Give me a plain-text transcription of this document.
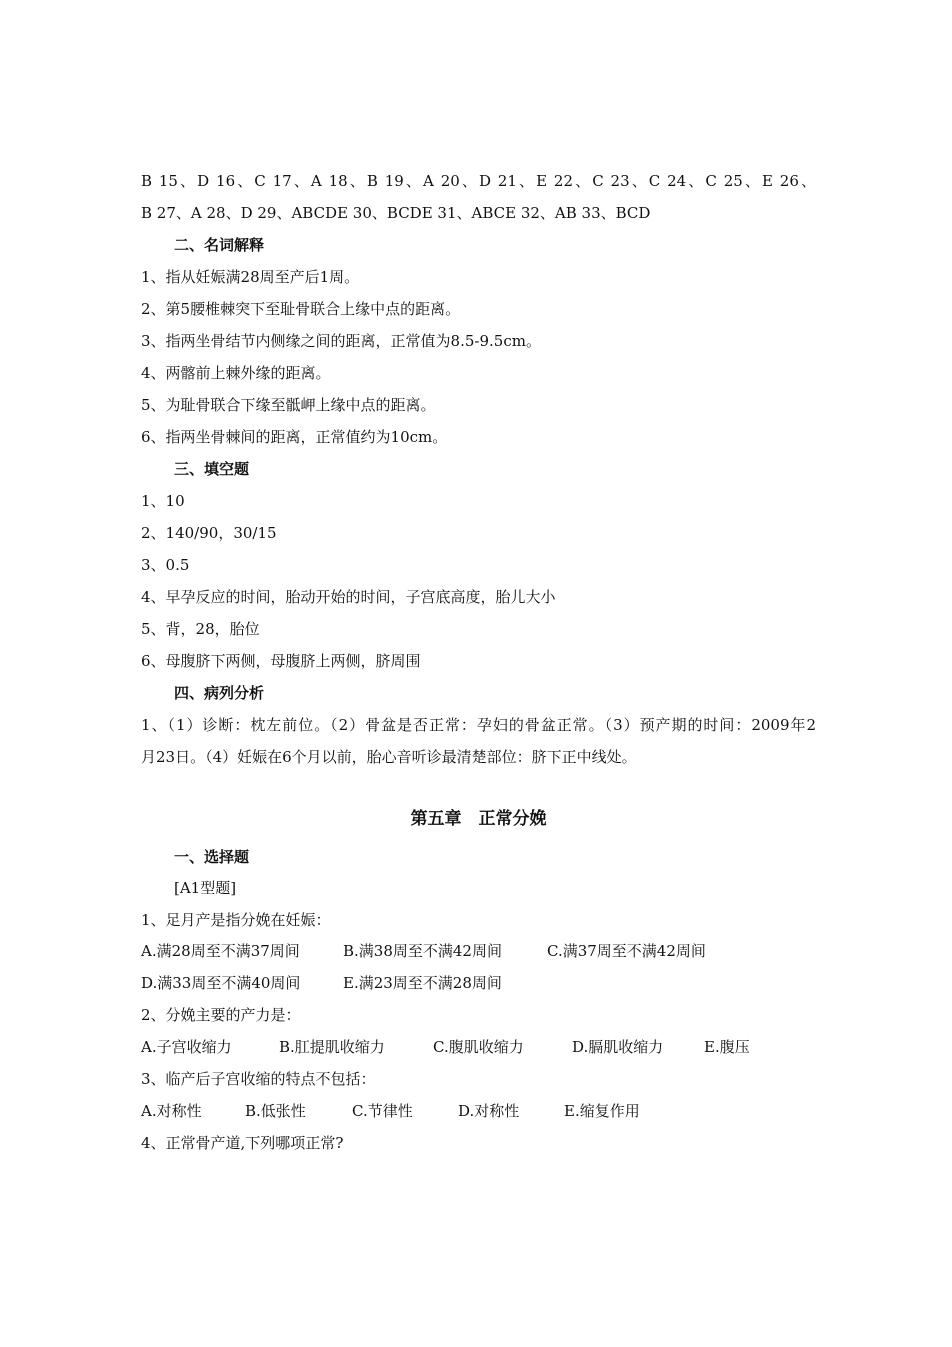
B 15、D 16、C 17、A 18、B 19、A 20、D 21、E 22、C 23、C 24、C 25、E 26、
B 27、A 28、D 29、ABCDE 30、BCDE 31、ABCE 32、AB 33、BCD
二、名词解释
1、指从妊娠满28周至产后1周。
2、第5腰椎棘突下至耻骨联合上缘中点的距离。
3、指两坐骨结节内侧缘之间的距离，正常值为8.5-9.5cm。
4、两髂前上棘外缘的距离。
5、为耻骨联合下缘至骶岬上缘中点的距离。
6、指两坐骨棘间的距离，正常值约为10cm。
三、填空题
1、10
2、140/90，30/15
3、0.5
4、早孕反应的时间，胎动开始的时间，子宫底高度，胎儿大小
5、背，28，胎位
6、母腹脐下两侧，母腹脐上两侧，脐周围
四、病列分析
1、（1）诊断：枕左前位。（2）骨盆是否正常：孕妇的骨盆正常。（3）预产期的时间：2009年2
月23日。（4）妊娠在6个月以前，胎心音听诊最清楚部位：脐下正中线处。
第五章　正常分娩
一、选择题
[A1型题]
1、足月产是指分娩在妊娠：
A.满28周至不满37周间	B.满38周至不满42周间	C.满37周至不满42周间
D.满33周至不满40周间	E.满23周至不满28周间
2、分娩主要的产力是：
A.子宫收缩力	B.肛提肌收缩力	C.腹肌收缩力	D.膈肌收缩力	E.腹压
3、临产后子宫收缩的特点不包括：
A.对称性	B.低张性	C.节律性	D.对称性	E.缩复作用
4、正常骨产道,下列哪项正常?
